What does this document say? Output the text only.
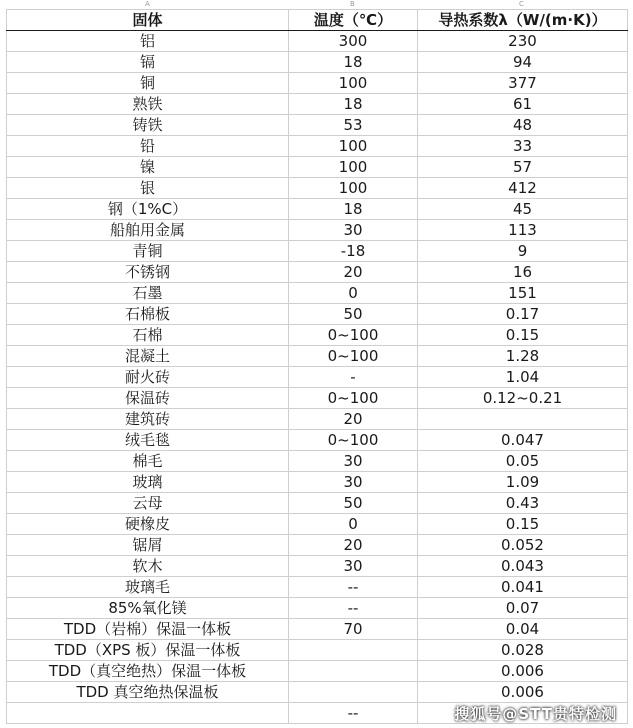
A	B	C
固体	温度（℃）	导热系数λ（W/(m·K)）
铝	300	230
镉	18	94
铜	100	377
熟铁	18	61
铸铁	53	48
铅	100	33
镍	100	57
银	100	412
钢（1%C）	18	45
船舶用金属	30	113
青铜	-18	9
不锈钢	20	16
石墨	0	151
石棉板	50	0.17
石棉	0~100	0.15
混凝土	0~100	1.28
耐火砖	-	1.04
保温砖	0~100	0.12~0.21
建筑砖	20	
绒毛毯	0~100	0.047
棉毛	30	0.05
玻璃	30	1.09
云母	50	0.43
硬橡皮	0	0.15
锯屑	20	0.052
软木	30	0.043
玻璃毛	--	0.041
85%氧化镁	--	0.07
TDD（岩棉）保温一体板	70	0.04
TDD（XPS 板）保温一体板		0.028
TDD（真空绝热）保温一体板		0.006
TDD 真空绝热保温板		0.006
	--		搜狐号@STT贵特检测
